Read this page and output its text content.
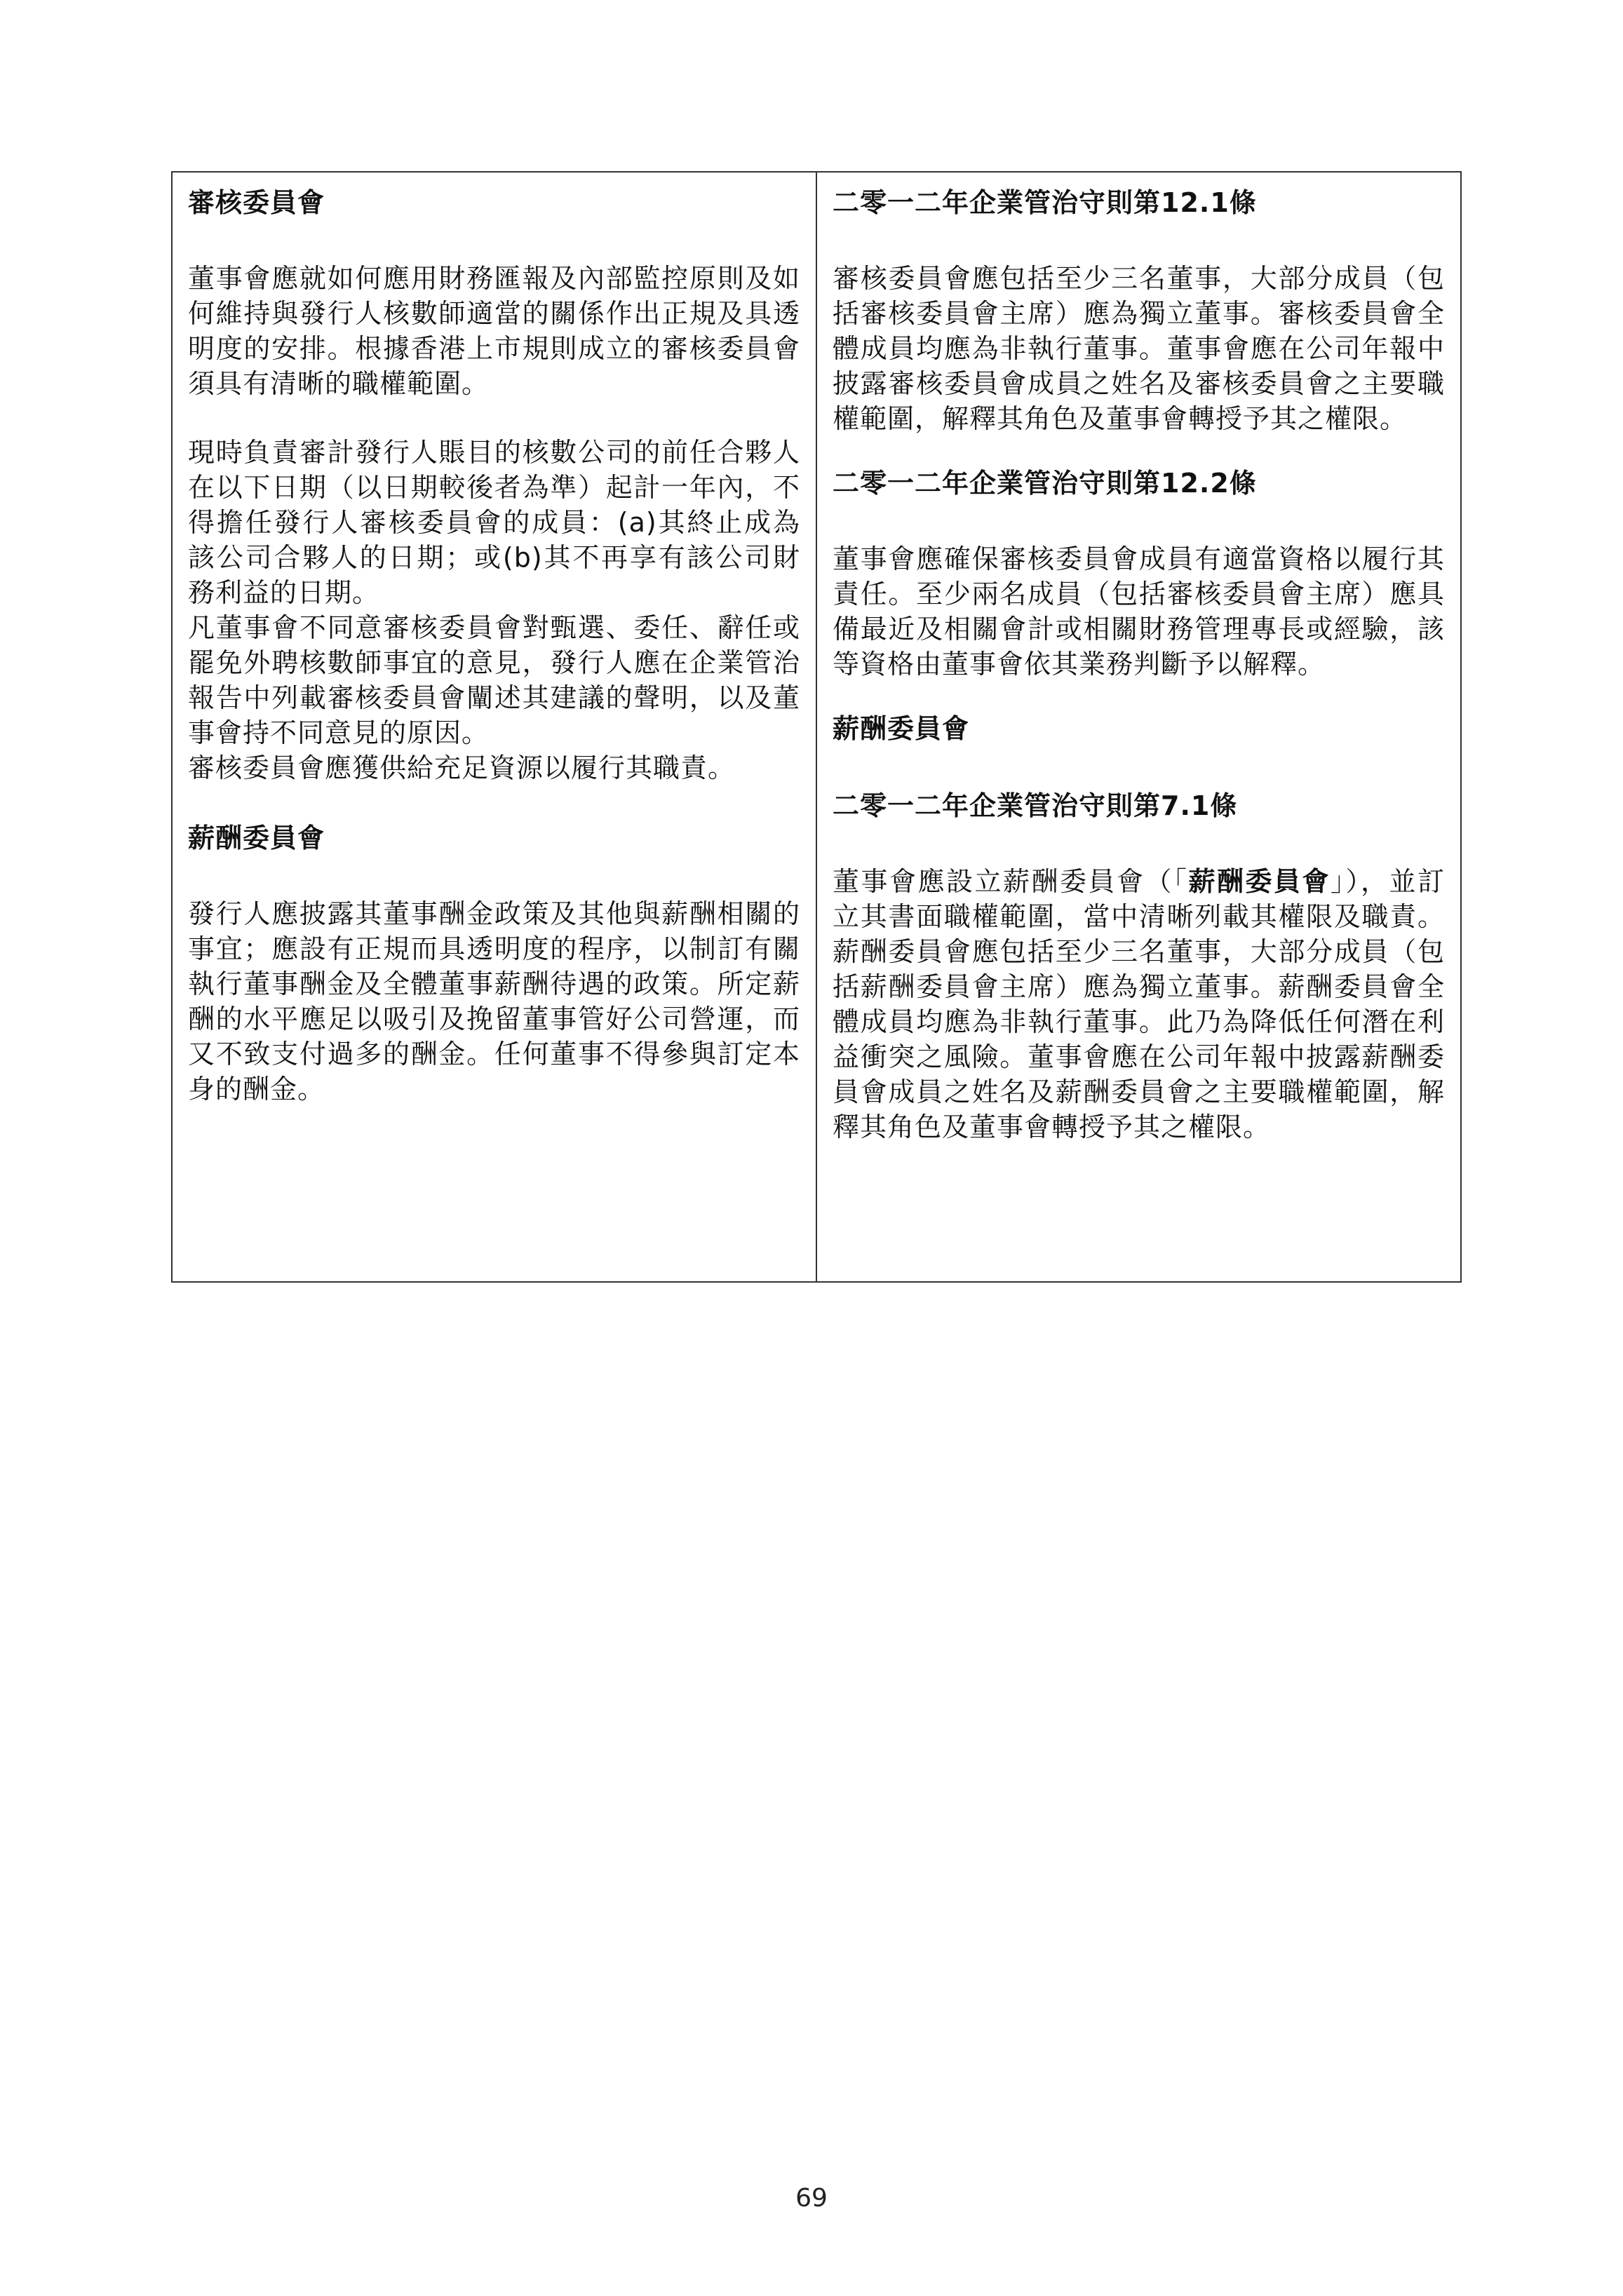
審核委員會

董事會應就如何應用財務匯報及內部監控原則及如何維持與發行人核數師適當的關係作出正規及具透明度的安排。根據香港上市規則成立的審核委員會須具有清晰的職權範圍。

現時負責審計發行人賬目的核數公司的前任合夥人在以下日期（以日期較後者為準）起計一年內，不得擔任發行人審核委員會的成員：(a)其終止成為該公司合夥人的日期；或(b)其不再享有該公司財務利益的日期。

凡董事會不同意審核委員會對甄選、委任、辭任或罷免外聘核數師事宜的意見，發行人應在企業管治報告中列載審核委員會闡述其建議的聲明，以及董事會持不同意見的原因。

審核委員會應獲供給充足資源以履行其職責。

薪酬委員會

發行人應披露其董事酬金政策及其他與薪酬相關的事宜；應設有正規而具透明度的程序，以制訂有關執行董事酬金及全體董事薪酬待遇的政策。所定薪酬的水平應足以吸引及挽留董事管好公司營運，而又不致支付過多的酬金。任何董事不得參與訂定本身的酬金。

二零一二年企業管治守則第12.1條

審核委員會應包括至少三名董事，大部分成員（包括審核委員會主席）應為獨立董事。審核委員會全體成員均應為非執行董事。董事會應在公司年報中披露審核委員會成員之姓名及審核委員會之主要職權範圍，解釋其角色及董事會轉授予其之權限。

二零一二年企業管治守則第12.2條

董事會應確保審核委員會成員有適當資格以履行其責任。至少兩名成員（包括審核委員會主席）應具備最近及相關會計或相關財務管理專長或經驗，該等資格由董事會依其業務判斷予以解釋。

薪酬委員會
二零一二年企業管治守則第7.1條

董事會應設立薪酬委員會（「薪酬委員會」），並訂立其書面職權範圍，當中清晰列載其權限及職責。薪酬委員會應包括至少三名董事，大部分成員（包括薪酬委員會主席）應為獨立董事。薪酬委員會全體成員均應為非執行董事。此乃為降低任何潛在利益衝突之風險。董事會應在公司年報中披露薪酬委員會成員之姓名及薪酬委員會之主要職權範圍，解釋其角色及董事會轉授予其之權限。

69
